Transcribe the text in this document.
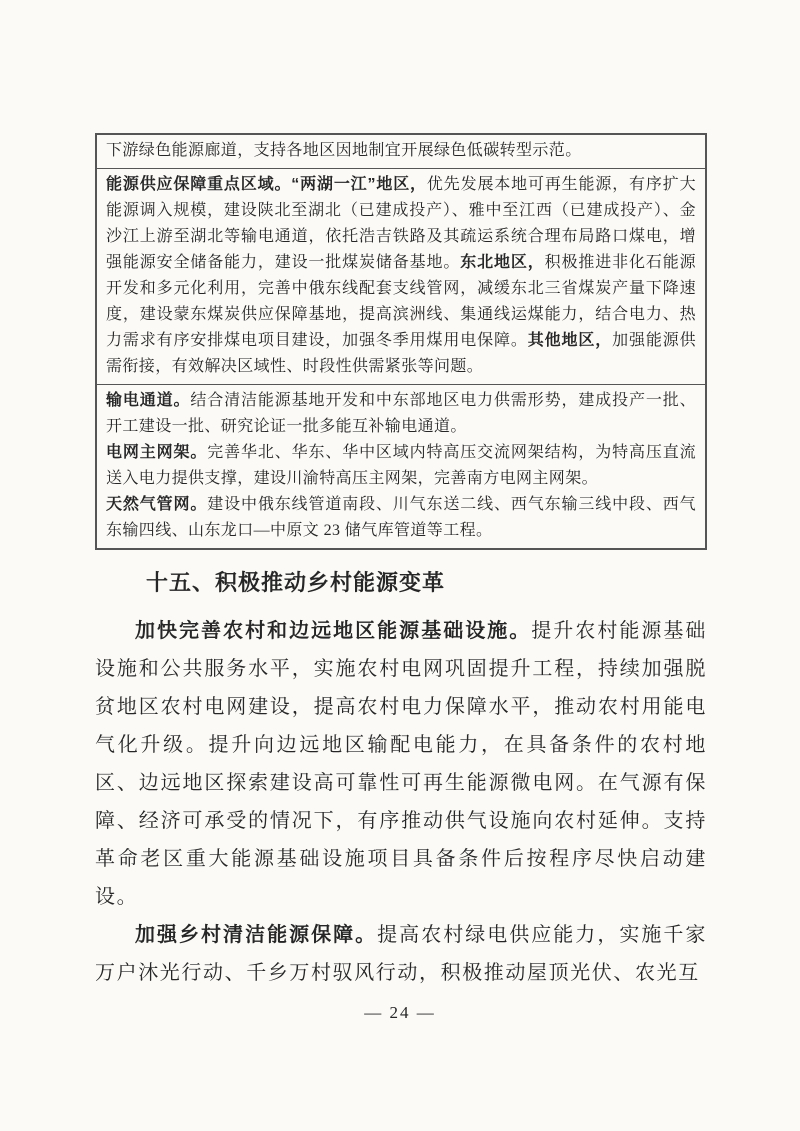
下游绿色能源廊道，支持各地区因地制宜开展绿色低碳转型示范。

能源供应保障重点区域。“两湖一江”地区，优先发展本地可再生能源，有序扩大能源调入规模，建设陕北至湖北（已建成投产）、雅中至江西（已建成投产）、金沙江上游至湖北等输电通道，依托浩吉铁路及其疏运系统合理布局路口煤电，增强能源安全储备能力，建设一批煤炭储备基地。东北地区，积极推进非化石能源开发和多元化利用，完善中俄东线配套支线管网，减缓东北三省煤炭产量下降速度，建设蒙东煤炭供应保障基地，提高滨洲线、集通线运煤能力，结合电力、热力需求有序安排煤电项目建设，加强冬季用煤用电保障。其他地区，加强能源供需衔接，有效解决区域性、时段性供需紧张等问题。

输电通道。结合清洁能源基地开发和中东部地区电力供需形势，建成投产一批、开工建设一批、研究论证一批多能互补输电通道。

电网主网架。完善华北、华东、华中区域内特高压交流网架结构，为特高压直流送入电力提供支撑，建设川渝特高压主网架，完善南方电网主网架。

天然气管网。建设中俄东线管道南段、川气东送二线、西气东输三线中段、西气东输四线、山东龙口—中原文 23 储气库管道等工程。

十五、积极推动乡村能源变革

加快完善农村和边远地区能源基础设施。提升农村能源基础设施和公共服务水平，实施农村电网巩固提升工程，持续加强脱贫地区农村电网建设，提高农村电力保障水平，推动农村用能电气化升级。提升向边远地区输配电能力，在具备条件的农村地区、边远地区探索建设高可靠性可再生能源微电网。在气源有保障、经济可承受的情况下，有序推动供气设施向农村延伸。支持革命老区重大能源基础设施项目具备条件后按程序尽快启动建设。

加强乡村清洁能源保障。提高农村绿电供应能力，实施千家万户沐光行动、千乡万村驭风行动，积极推动屋顶光伏、农光互

— 24 —
